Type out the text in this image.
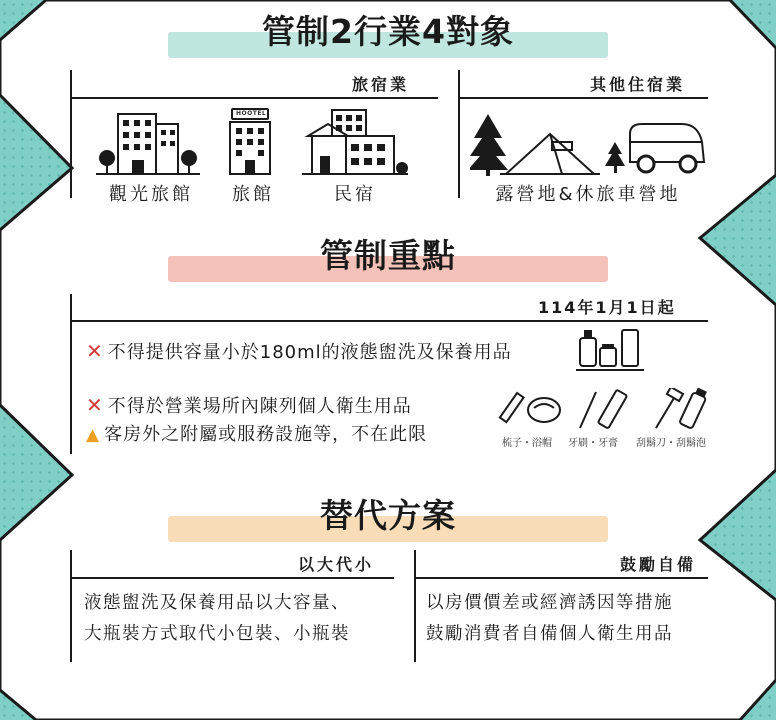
管制2行業4對象
旅宿業	其他住宿業
HOOTEL
觀光旅館	旅館	民宿	露營地&休旅車營地
管制重點
114年1月1日起
✕ 不得提供容量小於180ml的液態盥洗及保養用品
✕ 不得於營業場所內陳列個人衛生用品
▲ 客房外之附屬或服務設施等，不在此限	梳子・浴帽 牙刷・牙膏 刮鬍刀・刮鬍泡
替代方案
以大代小	鼓勵自備
液態盥洗及保養用品以大容量、
大瓶裝方式取代小包裝、小瓶裝
以房價價差或經濟誘因等措施
鼓勵消費者自備個人衛生用品
